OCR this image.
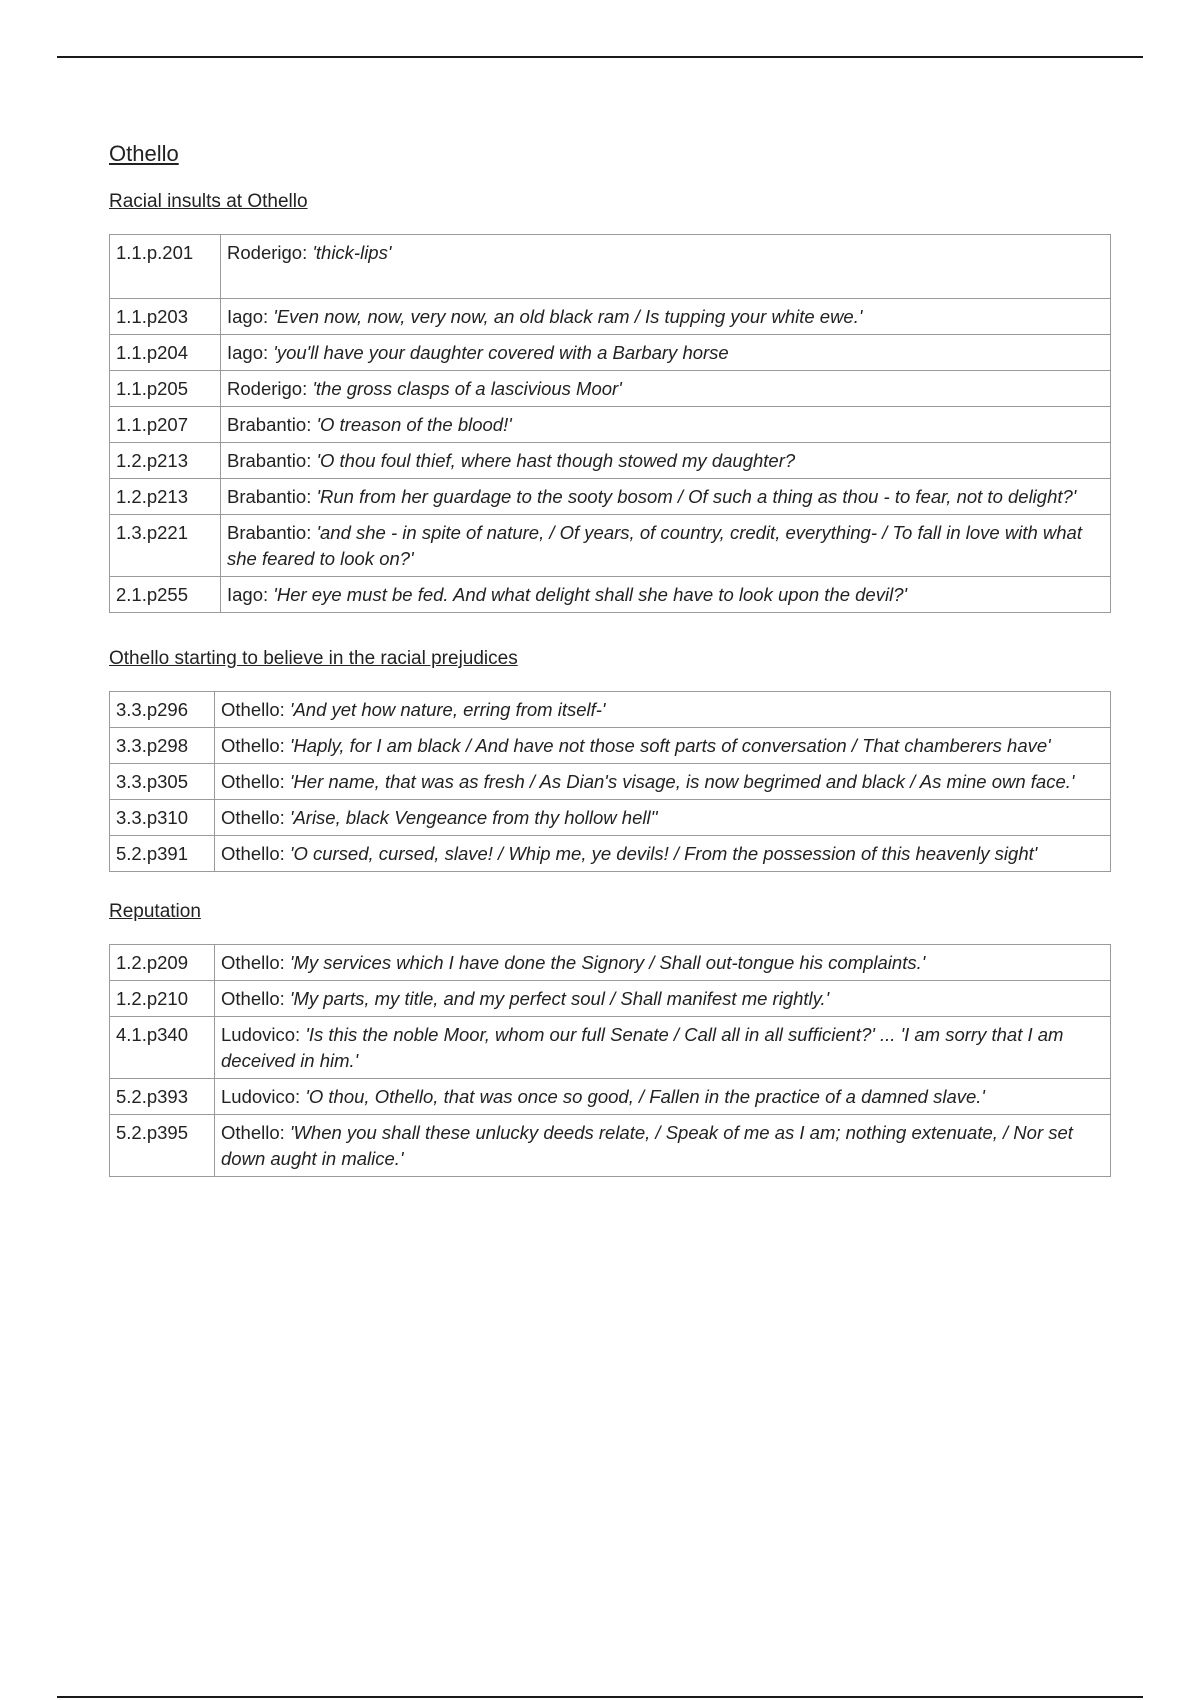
Othello
Racial insults at Othello
1.1.p.201	Roderigo: 'thick-lips'
1.1.p203	Iago: 'Even now, now, very now, an old black ram / Is tupping your white ewe.'
1.1.p204	Iago: 'you'll have your daughter covered with a Barbary horse
1.1.p205	Roderigo: 'the gross clasps of a lascivious Moor'
1.1.p207	Brabantio: 'O treason of the blood!'
1.2.p213	Brabantio: 'O thou foul thief, where hast though stowed my daughter?
1.2.p213	Brabantio: 'Run from her guardage to the sooty bosom / Of such a thing as thou - to fear, not to delight?'
1.3.p221	Brabantio: 'and she - in spite of nature, / Of years, of country, credit, everything- / To fall in love with what she feared to look on?'
2.1.p255	Iago: 'Her eye must be fed. And what delight shall she have to look upon the devil?'
Othello starting to believe in the racial prejudices
3.3.p296	Othello: 'And yet how nature, erring from itself-'
3.3.p298	Othello: 'Haply, for I am black / And have not those soft parts of conversation / That chamberers have'
3.3.p305	Othello: 'Her name, that was as fresh / As Dian's visage, is now begrimed and black / As mine own face.'
3.3.p310	Othello: 'Arise, black Vengeance from thy hollow hell''
5.2.p391	Othello: 'O cursed, cursed, slave! / Whip me, ye devils! / From the possession of this heavenly sight'
Reputation
1.2.p209	Othello: 'My services which I have done the Signory / Shall out-tongue his complaints.'
1.2.p210	Othello: 'My parts, my title, and my perfect soul / Shall manifest me rightly.'
4.1.p340	Ludovico: 'Is this the noble Moor, whom our full Senate / Call all in all sufficient?' ... 'I am sorry that I am deceived in him.'
5.2.p393	Ludovico: 'O thou, Othello, that was once so good, / Fallen in the practice of a damned slave.'
5.2.p395	Othello: 'When you shall these unlucky deeds relate, / Speak of me as I am; nothing extenuate, / Nor set down aught in malice.'
